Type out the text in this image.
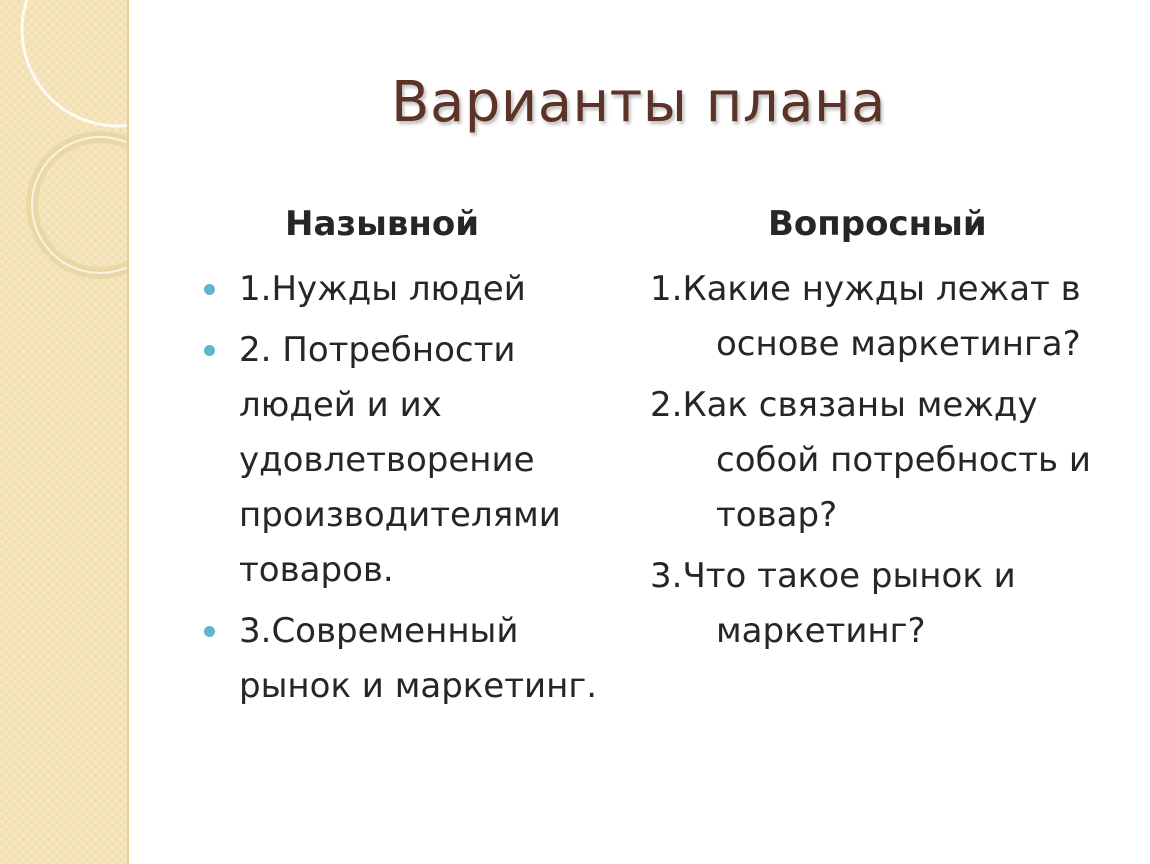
Варианты плана
Назывной	Вопросный
1.Нужды людей
2. Потребности людей и их удовлетворение производителями товаров.
3.Современный рынок и маркетинг.
1.Какие нужды лежат в основе маркетинга?
2.Как связаны между собой потребность и товар?
3.Что такое рынок и маркетинг?
